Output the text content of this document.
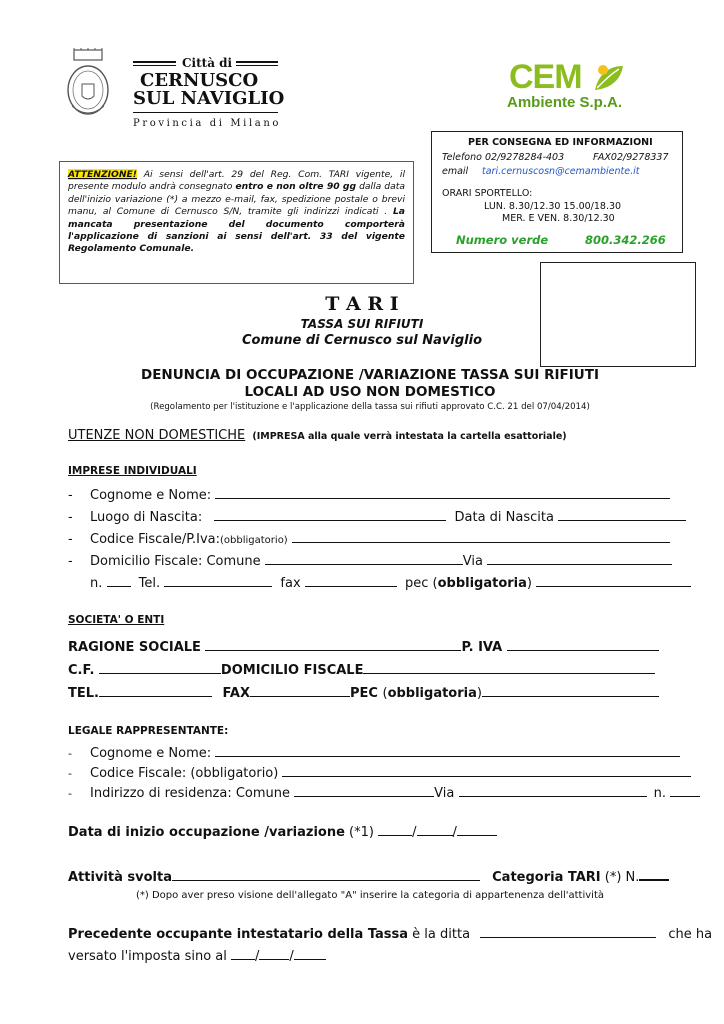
Città di
CERNUSCO
SUL NAVIGLIO
Provincia di Milano
CEM
Ambiente S.p.A.
ATTENZIONE! Ai sensi dell'art. 29 del Reg. Com. TARI vigente, il presente modulo andrà consegnato entro e non oltre 90 gg dalla data dell'inizio variazione (*) a mezzo e-mail, fax, spedizione postale o brevi manu, al Comune di Cernusco S/N, tramite gli indirizzi indicati . La mancata presentazione del documento comporterà l'applicazione di sanzioni ai sensi dell'art. 33 del vigente Regolamento Comunale.
PER CONSEGNA ED INFORMAZIONI
Telefono 02/9278284-403	FAX02/9278337
email tari.cernuscosn@cemambiente.it
ORARI SPORTELLO:
LUN. 8.30/12.30 15.00/18.30
MER. E VEN. 8.30/12.30
Numero verde	800.342.266
T A R I
TASSA SUI RIFIUTI
Comune di Cernusco sul Naviglio
DENUNCIA DI OCCUPAZIONE /VARIAZIONE TASSA SUI RIFIUTI
LOCALI AD USO NON DOMESTICO
(Regolamento per l'istituzione e l'applicazione della tassa sui rifiuti approvato C.C. 21 del 07/04/2014)
UTENZE NON DOMESTICHE (IMPRESA alla quale verrà intestata la cartella esattoriale)
IMPRESE INDIVIDUALI
- Cognome e Nome:
- Luogo di Nascita:	Data di Nascita
- Codice Fiscale/P.Iva:(obbligatorio)
- Domicilio Fiscale: Comune	Via
n.	Tel.	fax	pec (obbligatoria)
SOCIETA' O ENTI
RAGIONE SOCIALE	P. IVA
C.F.	DOMICILIO FISCALE
TEL.	FAX	PEC (obbligatoria)
LEGALE RAPPRESENTANTE:
- Cognome e Nome:
- Codice Fiscale: (obbligatorio)
- Indirizzo di residenza: Comune	Via	n.
Data di inizio occupazione /variazione (*1)	/	/
Attività svolta	Categoria TARI (*) N.
(*) Dopo aver preso visione dell'allegato "A" inserire la categoria di appartenenza dell'attività
Precedente occupante intestatario della Tassa è la ditta	che ha
versato l'imposta sino al / /
